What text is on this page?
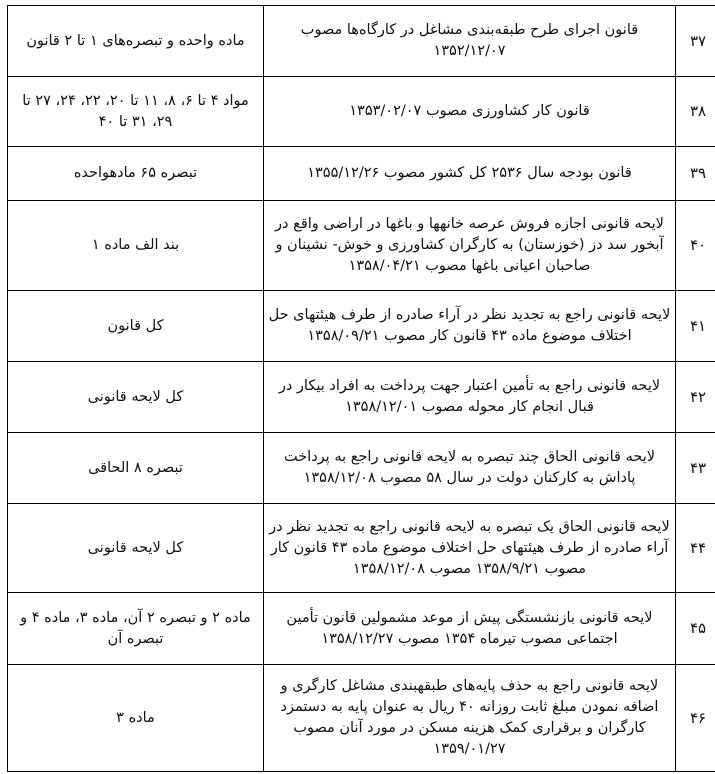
۳۷	قانون اجرای طرح طبقه‌بندی مشاغل در کارگاه‌ها مصوب ۱۳۵۲/۱۲/۰۷	ماده واحده و تبصره‌های ۱ تا ۲ قانون
۳۸	قانون کار کشاورزی مصوب ۱۳۵۳/۰۲/۰۷	مواد ۴ تا ۶، ۸، ۱۱ تا ۲۰، ۲۲، ۲۴، ۲۷ تا ۲۹، ۳۱ تا ۴۰
۳۹	قانون بودجه سال ۲۵۳۶ کل کشور مصوب ۱۳۵۵/۱۲/۲۶	تبصره ۶۵ مادهواحده
۴۰	لایحه قانونی اجازه فروش عرصه خانهها و باغها در اراضی واقع در آبخور سد دز (خوزستان) به کارگران کشاورزی و خوش- نشینان و صاحبان اعیانی باغها مصوب ۱۳۵۸/۰۴/۲۱	بند الف ماده ۱
۴۱	لایحه قانونی راجع به تجدید نظر در آراء صادره از طرف هیئتهای حل اختلاف موضوع ماده ۴۳ قانون کار مصوب ۱۳۵۸/۰۹/۲۱	کل قانون
۴۲	لایحه قانونی راجع به تأمین اعتبار جهت پرداخت به افراد بیکار در قبال انجام کار محوله مصوب ۱۳۵۸/۱۲/۰۱	کل لایحه قانونی
۴۳	لایحه قانونی الحاق چند تبصره به لایحه قانونی راجع به پرداخت پاداش به کارکنان دولت در سال ۵۸ مصوب ۱۳۵۸/۱۲/۰۸	تبصره ۸ الحاقی
۴۴	لایحه قانونی الحاق یک تبصره به لایحه قانونی راجع به تجدید نظر در آراء صادره از طرف هیئتهای حل اختلاف موضوع ماده ۴۳ قانون کار مصوب ۱۳۵۸/۹/۲۱ مصوب ۱۳۵۸/۱۲/۰۸	کل لایحه قانونی
۴۵	لایحه قانونی بازنشستگی پیش از موعد مشمولین قانون تأمین اجتماعی مصوب تیرماه ۱۳۵۴ مصوب ۱۳۵۸/۱۲/۲۷	ماده ۲ و تبصره ۲ آن، ماده ۳، ماده ۴ و تبصره آن
۴۶	لایحه قانونی راجع به حذف پایه‌های طبقهبندی مشاغل کارگری و اضافه نمودن مبلغ ثابت روزانه ۴۰ ریال به عنوان پایه به دستمزد کارگران و برقراری کمک هزینه مسکن در مورد آنان مصوب ۱۳۵۹/۰۱/۲۷	ماده ۳
